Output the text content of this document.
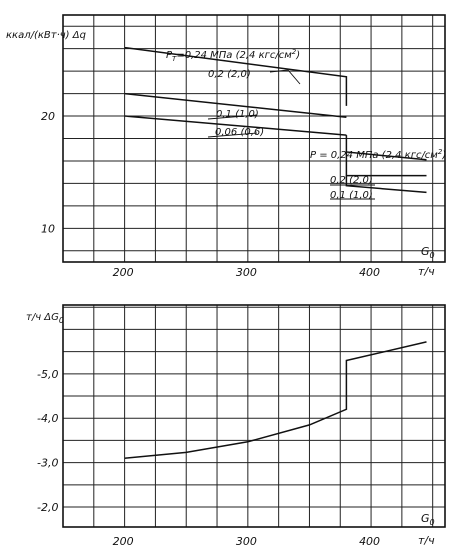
200	300	400
10
20
ккал/(кВт·ч) Δq
$G_0$
т/ч
$P_T=0,24$ МПа (2,4 кгс/$см^2$)
0,2 (2,0)
0,1 (1,0)
0,06 (0,6)
P = 0,24 МПа (2,4 кгс/$см^2$)
0,2 (2,0)
0,1 (1,0)
200	300	400
-5,0
-4,0
-3,0
-2,0
т/ч $\Delta G_0$
$G_0$
т/ч
